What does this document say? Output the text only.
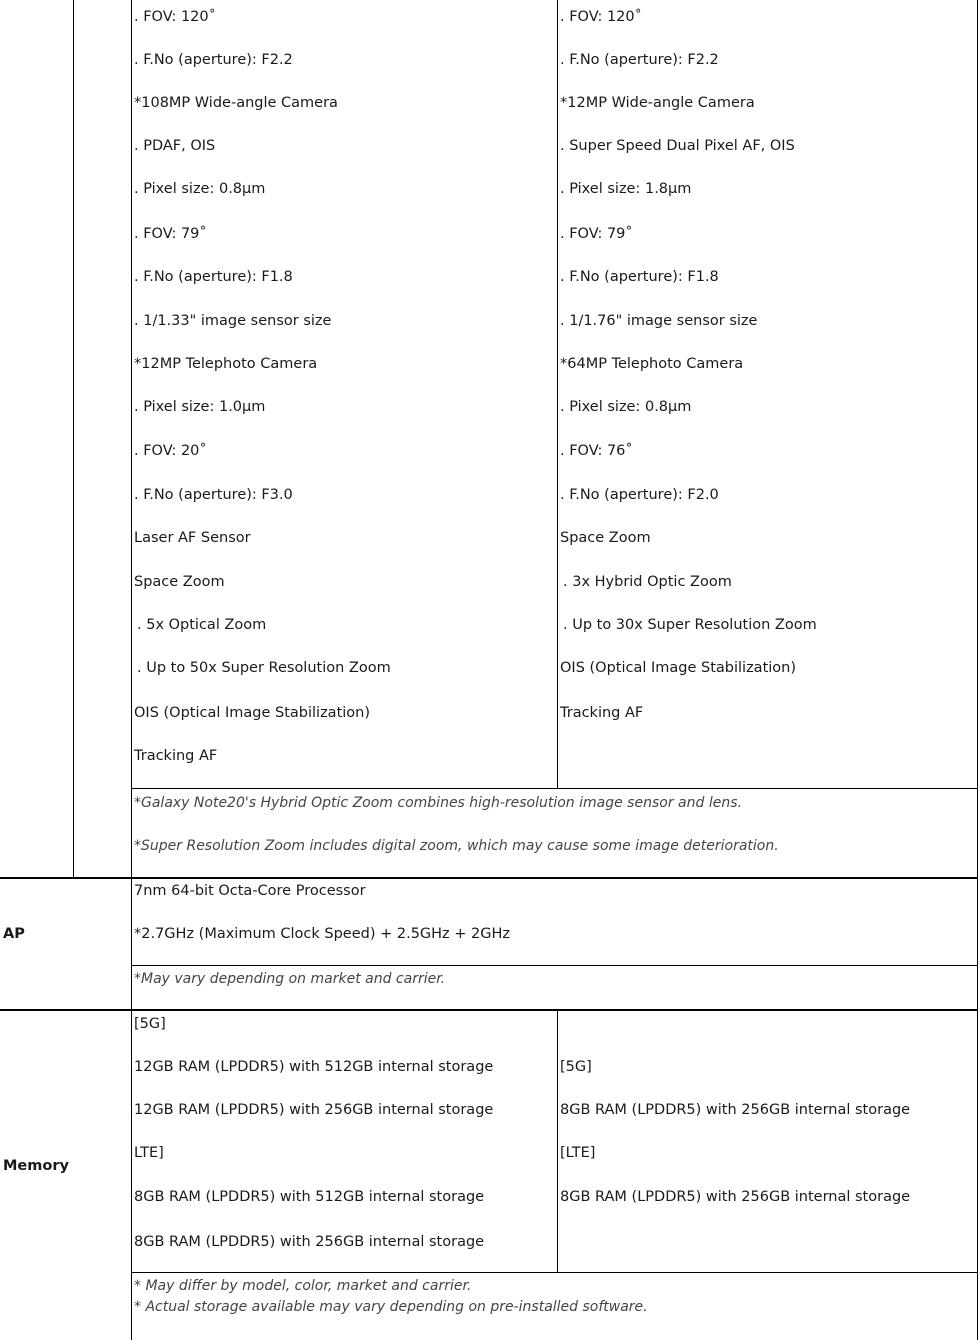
. FOV: 120˚
. F.No (aperture): F2.2
*108MP Wide-angle Camera
. PDAF, OIS
. Pixel size: 0.8μm
. FOV: 79˚
. F.No (aperture): F1.8
. 1/1.33" image sensor size
*12MP Telephoto Camera
. Pixel size: 1.0μm
. FOV: 20˚
. F.No (aperture): F3.0
Laser AF Sensor
Space Zoom
. 5x Optical Zoom
. Up to 50x Super Resolution Zoom
OIS (Optical Image Stabilization)
Tracking AF
. FOV: 120˚
. F.No (aperture): F2.2
*12MP Wide-angle Camera
. Super Speed Dual Pixel AF, OIS
. Pixel size: 1.8μm
. FOV: 79˚
. F.No (aperture): F1.8
. 1/1.76" image sensor size
*64MP Telephoto Camera
. Pixel size: 0.8μm
. FOV: 76˚
. F.No (aperture): F2.0
Space Zoom
. 3x Hybrid Optic Zoom
. Up to 30x Super Resolution Zoom
OIS (Optical Image Stabilization)
Tracking AF
*Galaxy Note20's Hybrid Optic Zoom combines high-resolution image sensor and lens.
*Super Resolution Zoom includes digital zoom, which may cause some image deterioration.
AP
7nm 64-bit Octa-Core Processor
*2.7GHz (Maximum Clock Speed) + 2.5GHz + 2GHz
*May vary depending on market and carrier.
Memory
[5G]
12GB RAM (LPDDR5) with 512GB internal storage
12GB RAM (LPDDR5) with 256GB internal storage
LTE]
8GB RAM (LPDDR5) with 512GB internal storage
8GB RAM (LPDDR5) with 256GB internal storage
[5G]
8GB RAM (LPDDR5) with 256GB internal storage
[LTE]
8GB RAM (LPDDR5) with 256GB internal storage
* May differ by model, color, market and carrier.
* Actual storage available may vary depending on pre-installed software.
